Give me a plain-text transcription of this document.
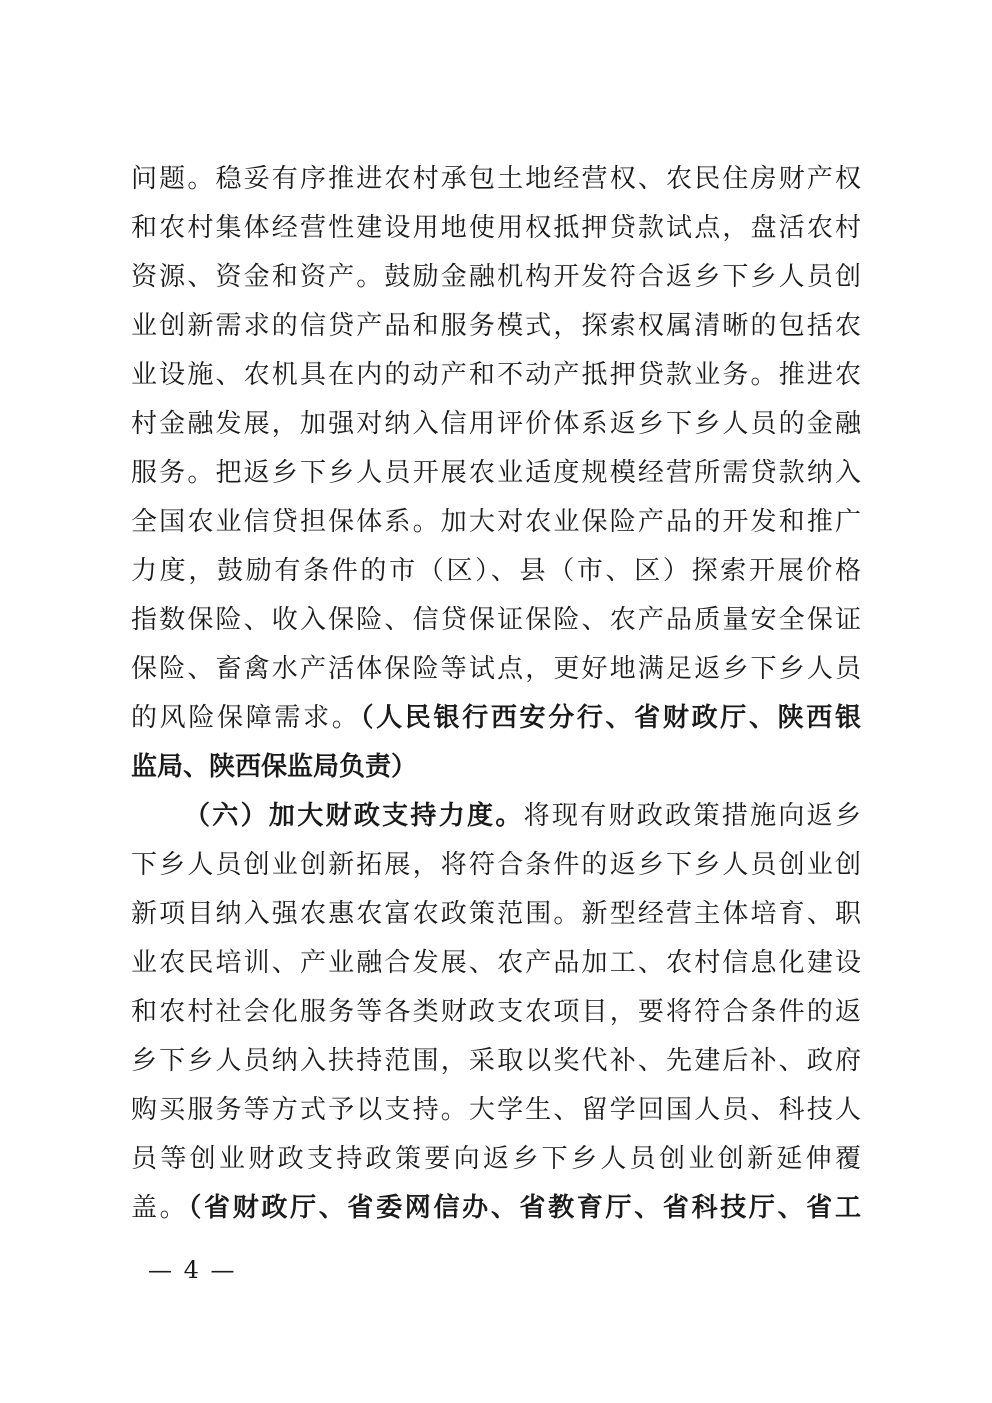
问题。稳妥有序推进农村承包土地经营权、农民住房财产权
和农村集体经营性建设用地使用权抵押贷款试点，盘活农村
资源、资金和资产。鼓励金融机构开发符合返乡下乡人员创
业创新需求的信贷产品和服务模式，探索权属清晰的包括农
业设施、农机具在内的动产和不动产抵押贷款业务。推进农
村金融发展，加强对纳入信用评价体系返乡下乡人员的金融
服务。把返乡下乡人员开展农业适度规模经营所需贷款纳入
全国农业信贷担保体系。加大对农业保险产品的开发和推广
力度，鼓励有条件的市（区）、县（市、区）探索开展价格
指数保险、收入保险、信贷保证保险、农产品质量安全保证
保险、畜禽水产活体保险等试点，更好地满足返乡下乡人员
的风险保障需求。（人民银行西安分行、省财政厅、陕西银
监局、陕西保监局负责）
（六）加大财政支持力度。将现有财政政策措施向返乡
下乡人员创业创新拓展，将符合条件的返乡下乡人员创业创
新项目纳入强农惠农富农政策范围。新型经营主体培育、职
业农民培训、产业融合发展、农产品加工、农村信息化建设
和农村社会化服务等各类财政支农项目，要将符合条件的返
乡下乡人员纳入扶持范围，采取以奖代补、先建后补、政府
购买服务等方式予以支持。大学生、留学回国人员、科技人
员等创业财政支持政策要向返乡下乡人员创业创新延伸覆
盖。（省财政厅、省委网信办、省教育厅、省科技厅、省工
— 4 —
